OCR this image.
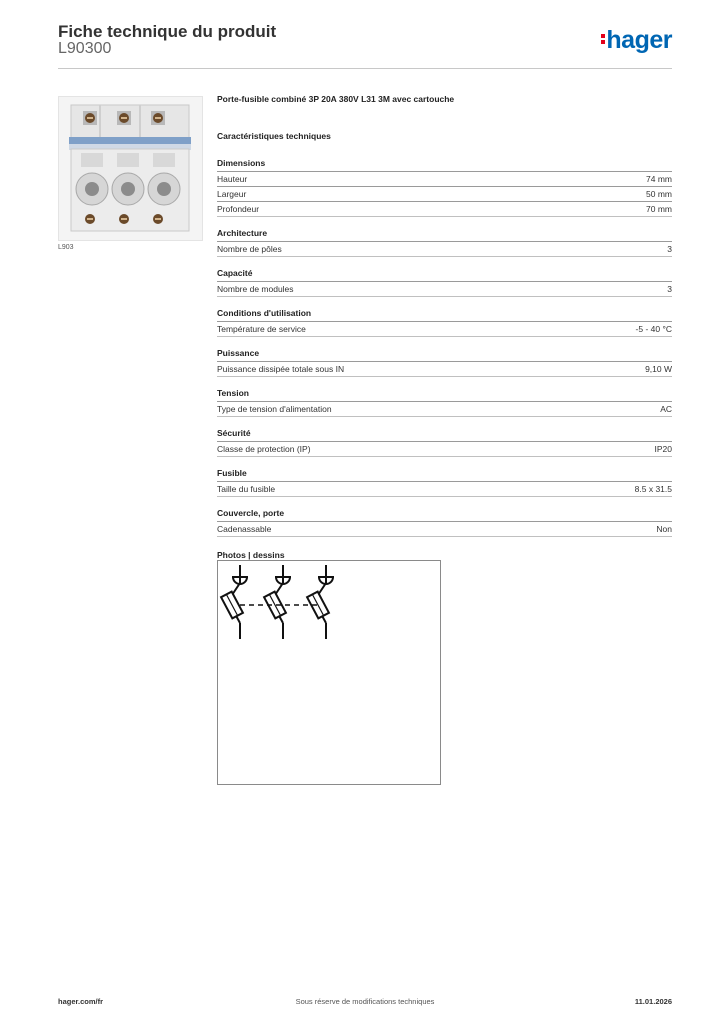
Fiche technique du produit
L90300	hager
L903
Porte-fusible combiné 3P 20A 380V L31 3M avec cartouche
Caractéristiques techniques
Dimensions
Hauteur	74 mm
Largeur	50 mm
Profondeur	70 mm
Architecture
Nombre de pôles	3
Capacité
Nombre de modules	3
Conditions d'utilisation
Température de service	-5 - 40 °C
Puissance
Puissance dissipée totale sous IN	9,10 W
Tension
Type de tension d'alimentation	AC
Sécurité
Classe de protection (IP)	IP20
Fusible
Taille du fusible	8.5 x 31.5
Couvercle, porte
Cadenassable	Non
Photos | dessins
hager.com/fr	Sous réserve de modifications techniques	11.01.2026
